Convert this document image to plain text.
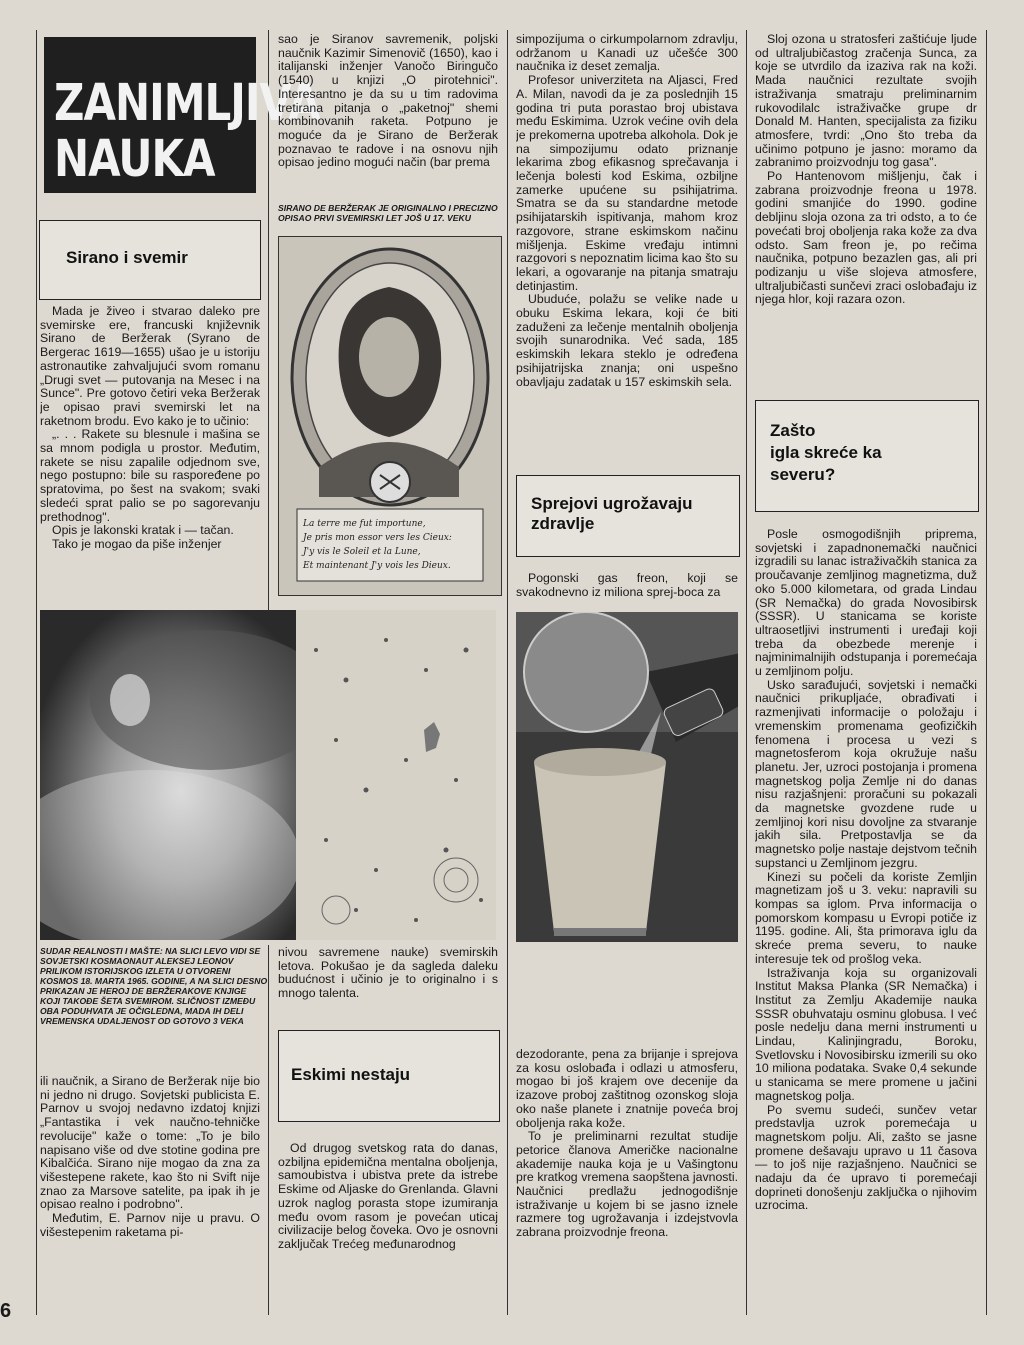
ZANIMLJIVA
NAUKA
Sirano i svemir

Mada je živeo i stvarao daleko pre svemirske ere, francuski književnik Sirano de Beržerak (Syrano de Bergerac 1619—1655) ušao je u istoriju astronautike zahvaljujući svom romanu „Drugi svet — putovanja na Mesec i na Sunce". Pre gotovo četiri veka Beržerak je opisao pravi svemirski let na raketnom brodu. Evo kako je to učinio:

„. . . Rakete su blesnule i mašina se sa mnom podigla u prostor. Međutim, rakete se nisu zapalile odjednom sve, nego postupno: bile su raspoređene po spratovima, po šest na svakom; svaki sledeći sprat palio se po sagorevanju prethodnog".

Opis je lakonski kratak i — tačan.

Tako je mogao da piše inženjer

SUDAR REALNOSTI I MAŠTE: NA SLICI LEVO VIDI SE SOVJETSKI KOSMAONAUT ALEKSEJ LEONOV PRILIKOM ISTORIJSKOG IZLETA U OTVORENI KOSMOS 18. MARTA 1965. GODINE, A NA SLICI DESNO PRIKAZAN JE HEROJ DE BERŽERAKOVE KNJIGE KOJI TAKOĐE ŠETA SVEMIROM. SLIČNOST IZMEĐU OBA PODUHVATA JE OČIGLEDNA, MADA IH DELI VREMENSKA UDALJENOST OD GOTOVO 3 VEKA

ili naučnik, a Sirano de Beržerak nije bio ni jedno ni drugo. Sovjetski publicista E. Parnov u svojoj nedavno izdatoj knjizi „Fantastika i vek naučno-tehničke revolucije" kaže o tome: „To je bilo napisano više od dve stotine godina pre Kibalčića. Sirano nije mogao da zna za višestepene rakete, kao što ni Svift nije znao za Marsove satelite, pa ipak ih je opisao realno i podrobno".

Međutim, E. Parnov nije u pravu. O višestepenim raketama pi-

sao je Siranov savremenik, poljski naučnik Kazimir Simenovič (1650), kao i italijanski inženjer Vanočo Biringučo (1540) u knjizi „O pirotehnici". Interesantno je da su u tim radovima tretirana pitanja o „paketnoj" shemi kombinovanih raketa. Potpuno je moguće da je Sirano de Beržerak poznavao te radove i na osnovu njih opisao jedino mogući način (bar prema

SIRANO DE BERŽERAK JE ORIGINALNO I PRECIZNO OPISAO PRVI SVEMIRSKI LET JOŠ U 17. VEKU
La terre me fut importune,
Je pris mon essor vers les Cieux:
J'y vis le Soleil et la Lune,
Et maintenant J'y vois les Dieux.

nivou savremene nauke) svemirskih letova. Pokušao je da sagleda daleku budućnost i učinio je to originalno i s mnogo talenta.

Eskimi nestaju

Od drugog svetskog rata do danas, ozbiljna epidemična mentalna oboljenja, samoubistva i ubistva prete da istrebe Eskime od Aljaske do Grenlanda. Glavni uzrok naglog porasta stope izumiranja među ovom rasom je povećan uticaj civilizacije belog čoveka. Ovo je osnovni zaključak Trećeg međunarodnog

simpozijuma o cirkumpolarnom zdravlju, održanom u Kanadi uz učešće 300 naučnika iz deset zemalja.

Profesor univerziteta na Aljasci, Fred A. Milan, navodi da je za poslednjih 15 godina tri puta porastao broj ubistava među Eskimima. Uzrok većine ovih dela je prekomerna upotreba alkohola. Dok je na simpozijumu odato priznanje lekarima zbog efikasnog sprečavanja i lečenja bolesti kod Eskima, ozbiljne zamerke upućene su psihijatrima. Smatra se da su standardne metode psihijatarskih ispitivanja, mahom kroz razgovore, strane eskimskom načinu mišljenja. Eskime vređaju intimni razgovori s nepoznatim licima kao što su lekari, a ogovaranje na pitanja smatraju detinjastim.

Ubuduće, polažu se velike nade u obuku Eskima lekara, koji će biti zaduženi za lečenje mentalnih oboljenja svojih sunarodnika. Već sada, 185 eskimskih lekara steklo je određena psihijatrijska znanja; oni uspešno obavljaju zadatak u 157 eskimskih sela.

Sprejovi ugrožavaju
zdravlje

Pogonski gas freon, koji se svakodnevno iz miliona sprej-boca za

dezodorante, pena za brijanje i sprejova za kosu oslobađa i odlazi u atmosferu, mogao bi još krajem ove decenije da izazove proboj zaštitnog ozonskog sloja oko naše planete i znatnije poveća broj obolјenja raka kože.

To je preliminarni rezultat studije petorice članova Američke nacionalne akademije nauka koja je u Vašingtonu pre kratkog vremena saopštena javnosti. Naučnici predlažu jednogodišnje istraživanje u kojem bi se jasno iznele razmere tog ugrožavanja i izdejstvovla zabrana proizvodnje freona.

Sloj ozona u stratosferi zaštićuje ljude od ultraljubičastog zračenja Sunca, za koje se utvrdilo da izaziva rak na koži. Mada naučnici rezultate svojih istraživanja smatraju preliminarnim rukovodilalc istraživačke grupe dr Donald M. Hanten, specijalista za fiziku atmosfere, tvrdi: „Ono što treba da učinimo potpuno je jasno: moramo da zabranimo proizvodnju tog gasa".

Po Hantenovom mišljenju, čak i zabrana proizvodnje freona u 1978. godini smanjiće do 1990. godine debljinu sloja ozona za tri odsto, a to će povećati broj oboljenja raka kože za dva odsto. Sam freon je, po rečima naučnika, potpuno bezazlen gas, ali pri podizanju u više slojeva atmosfere, ultraljubičasti sunčevi zraci oslobađaju iz njega hlor, koji razara ozon.

Zašto
igla skreće ka
severu?

Posle osmogodišnjih priprema, sovjetski i zapadnonemački naučnici izgradili su lanac istraživačkih stanica za proučavanje zemljinog magnetizma, duž oko 5.000 kilometara, od grada Lindau (SR Nemačka) do grada Novosibirsk (SSSR). U stanicama se koriste ultraosetljivi instrumenti i uređaji koji treba da obezbede merenje i najminimalnijih odstupanja i poremećaja u zemljinom polju.

Usko sarađujući, sovjetski i nemački naučnici prikupljaće, obrađivati i razmenjivati informacije o položaju i vremenskim promenama geofizičkih fenomena i procesa u vezi s magnetosferom koja okružuje našu planetu. Jer, uzroci postojanja i promena magnetskog polja Zemlje ni do danas nisu razjašnjeni: proračuni su pokazali da magnetske gvozdene rude u zemljinoj kori nisu dovoljne za stvaranje jakih sila. Pretpostavlja se da magnetsko polje nastaje dejstvom tečnih supstanci u Zemljinom jezgru.

Kinezi su počeli da koriste Zemljin magnetizam još u 3. veku: napravili su kompas sa iglom. Prva informacija o pomorskom kompasu u Evropi potiče iz 1195. godine. Ali, šta primorava iglu da skreće prema severu, to nauke interesuje tek od prošlog veka.

Istraživanja koja su organizovali Institut Maksa Planka (SR Nemačka) i Institut za Zemlju Akademije nauka SSSR obuhvataju osminu globusa. I već posle nedelju dana merni instrumenti u Lindau, Kalinjingradu, Boroku, Svetlovsku i Novosibirsku izmerili su oko 10 miliona podataka. Svake 0,4 sekunde u stanicama se mere promene u jačini magnetskog polja.

Po svemu sudeći, sunčev vetar predstavlja uzrok poremećaja u magnetskom polju. Ali, zašto se jasne promene dešavaju upravo u 11 časova — to još nije razjašnjeno. Naučnici se nadaju da će upravo ti poremećaji doprineti donošenju zaključka o njihovim uzrocima.

6
